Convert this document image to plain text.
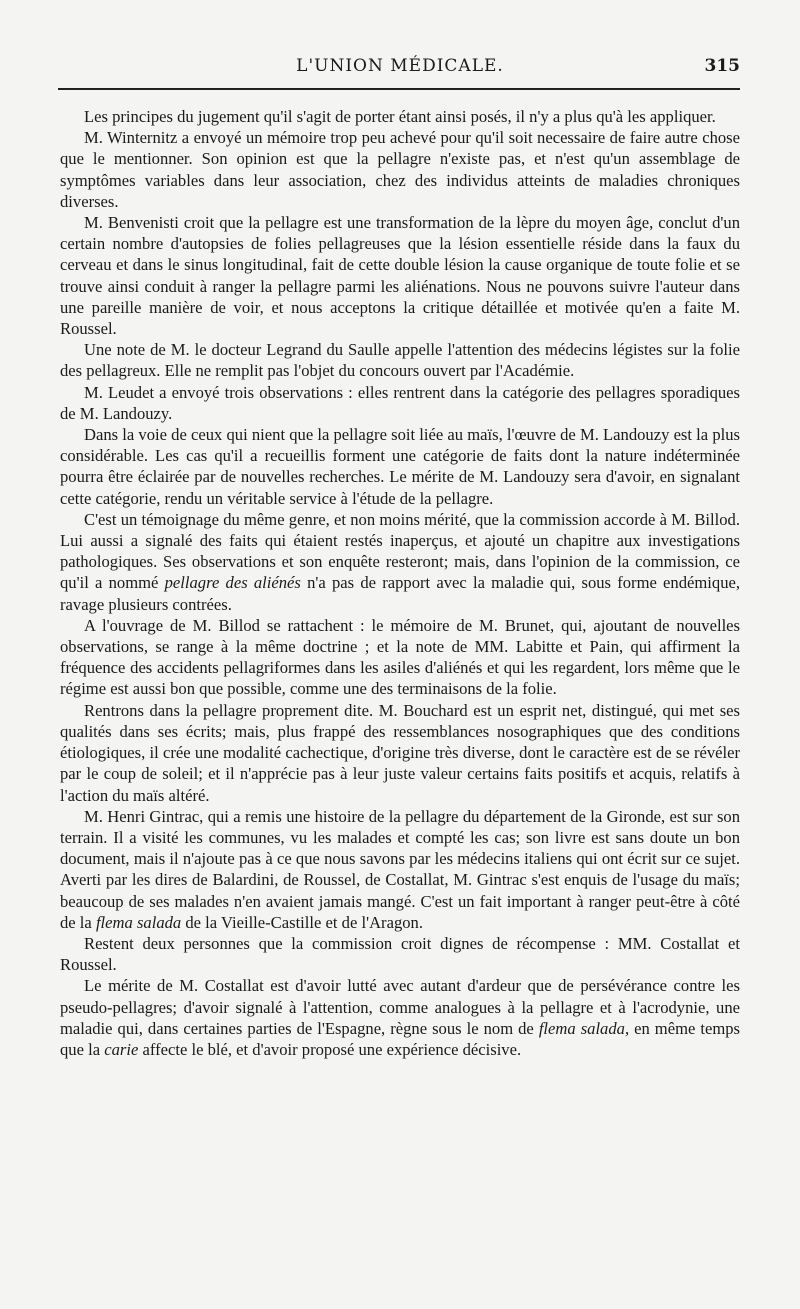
L'UNION MÉDICALE.	315

Les principes du jugement qu'il s'agit de porter étant ainsi posés, il n'y a plus qu'à les appliquer.

M. Winternitz a envoyé un mémoire trop peu achevé pour qu'il soit necessaire de faire autre chose que le mentionner. Son opinion est que la pellagre n'existe pas, et n'est qu'un assemblage de symptômes variables dans leur association, chez des individus atteints de maladies chroniques diverses.

M. Benvenisti croit que la pellagre est une transformation de la lèpre du moyen âge, conclut d'un certain nombre d'autopsies de folies pellagreuses que la lésion essentielle réside dans la faux du cerveau et dans le sinus longitudinal, fait de cette double lésion la cause organique de toute folie et se trouve ainsi conduit à ranger la pellagre parmi les aliénations. Nous ne pouvons suivre l'auteur dans une pareille manière de voir, et nous acceptons la critique détaillée et motivée qu'en a faite M. Roussel.

Une note de M. le docteur Legrand du Saulle appelle l'attention des médecins légistes sur la folie des pellagreux. Elle ne remplit pas l'objet du concours ouvert par l'Académie.

M. Leudet a envoyé trois observations : elles rentrent dans la catégorie des pellagres sporadiques de M. Landouzy.

Dans la voie de ceux qui nient que la pellagre soit liée au maïs, l'œuvre de M. Landouzy est la plus considérable. Les cas qu'il a recueillis forment une catégorie de faits dont la nature indéterminée pourra être éclairée par de nouvelles recherches. Le mérite de M. Landouzy sera d'avoir, en signalant cette catégorie, rendu un véritable service à l'étude de la pellagre.

C'est un témoignage du même genre, et non moins mérité, que la commission accorde à M. Billod. Lui aussi a signalé des faits qui étaient restés inaperçus, et ajouté un chapitre aux investigations pathologiques. Ses observations et son enquête resteront; mais, dans l'opinion de la commission, ce qu'il a nommé pellagre des aliénés n'a pas de rapport avec la maladie qui, sous forme endémique, ravage plusieurs contrées.

A l'ouvrage de M. Billod se rattachent : le mémoire de M. Brunet, qui, ajoutant de nouvelles observations, se range à la même doctrine ; et la note de MM. Labitte et Pain, qui affirment la fréquence des accidents pellagriformes dans les asiles d'aliénés et qui les regardent, lors même que le régime est aussi bon que possible, comme une des terminaisons de la folie.

Rentrons dans la pellagre proprement dite. M. Bouchard est un esprit net, distingué, qui met ses qualités dans ses écrits; mais, plus frappé des ressemblances nosographiques que des conditions étiologiques, il crée une modalité cachectique, d'origine très diverse, dont le caractère est de se révéler par le coup de soleil; et il n'apprécie pas à leur juste valeur certains faits positifs et acquis, relatifs à l'action du maïs altéré.

M. Henri Gintrac, qui a remis une histoire de la pellagre du département de la Gironde, est sur son terrain. Il a visité les communes, vu les malades et compté les cas; son livre est sans doute un bon document, mais il n'ajoute pas à ce que nous savons par les médecins italiens qui ont écrit sur ce sujet. Averti par les dires de Balardini, de Roussel, de Costallat, M. Gintrac s'est enquis de l'usage du maïs; beaucoup de ses malades n'en avaient jamais mangé. C'est un fait important à ranger peut-être à côté de la flema salada de la Vieille-Castille et de l'Aragon.

Restent deux personnes que la commission croit dignes de récompense : MM. Costallat et Roussel.

Le mérite de M. Costallat est d'avoir lutté avec autant d'ardeur que de persévérance contre les pseudo-pellagres; d'avoir signalé à l'attention, comme analogues à la pellagre et à l'acrodynie, une maladie qui, dans certaines parties de l'Espagne, règne sous le nom de flema salada, en même temps que la carie affecte le blé, et d'avoir proposé une expérience décisive.
